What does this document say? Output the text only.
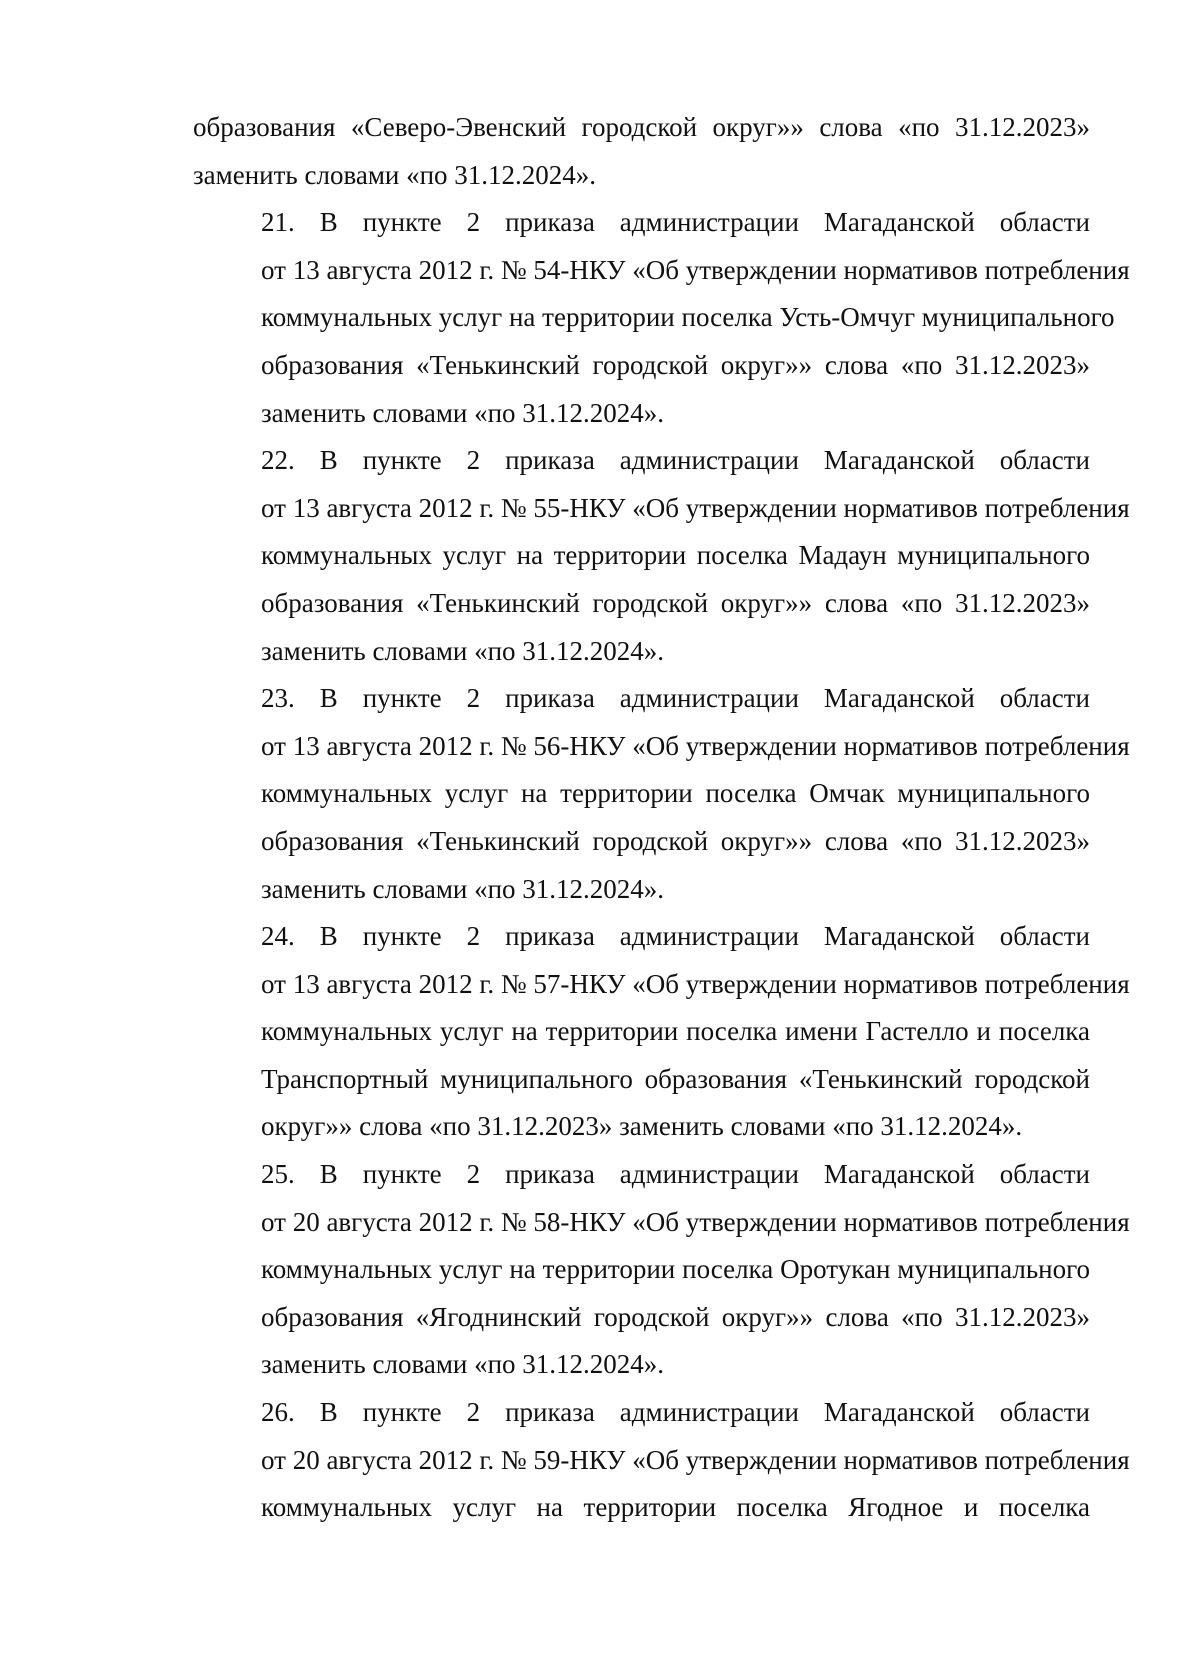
образования «Северо-Эвенский городской округ»» слова «по 31.12.2023»
заменить словами «по 31.12.2024».
21. В пункте 2 приказа администрации Магаданской области
от 13 августа 2012 г. № 54-НКУ «Об утверждении нормативов потребления
коммунальных услуг на территории поселка Усть-Омчуг муниципального
образования «Тенькинский городской округ»» слова «по 31.12.2023»
заменить словами «по 31.12.2024».
22. В пункте 2 приказа администрации Магаданской области
от 13 августа 2012 г. № 55-НКУ «Об утверждении нормативов потребления
коммунальных услуг на территории поселка Мадаун муниципального
образования «Тенькинский городской округ»» слова «по 31.12.2023»
заменить словами «по 31.12.2024».
23. В пункте 2 приказа администрации Магаданской области
от 13 августа 2012 г. № 56-НКУ «Об утверждении нормативов потребления
коммунальных услуг на территории поселка Омчак муниципального
образования «Тенькинский городской округ»» слова «по 31.12.2023»
заменить словами «по 31.12.2024».
24. В пункте 2 приказа администрации Магаданской области
от 13 августа 2012 г. № 57-НКУ «Об утверждении нормативов потребления
коммунальных услуг на территории поселка имени Гастелло и поселка
Транспортный муниципального образования «Тенькинский городской
округ»» слова «по 31.12.2023» заменить словами «по 31.12.2024».
25. В пункте 2 приказа администрации Магаданской области
от 20 августа 2012 г. № 58-НКУ «Об утверждении нормативов потребления
коммунальных услуг на территории поселка Оротукан муниципального
образования «Ягоднинский городской округ»» слова «по 31.12.2023»
заменить словами «по 31.12.2024».
26. В пункте 2 приказа администрации Магаданской области
от 20 августа 2012 г. № 59-НКУ «Об утверждении нормативов потребления
коммунальных услуг на территории поселка Ягодное и поселка
